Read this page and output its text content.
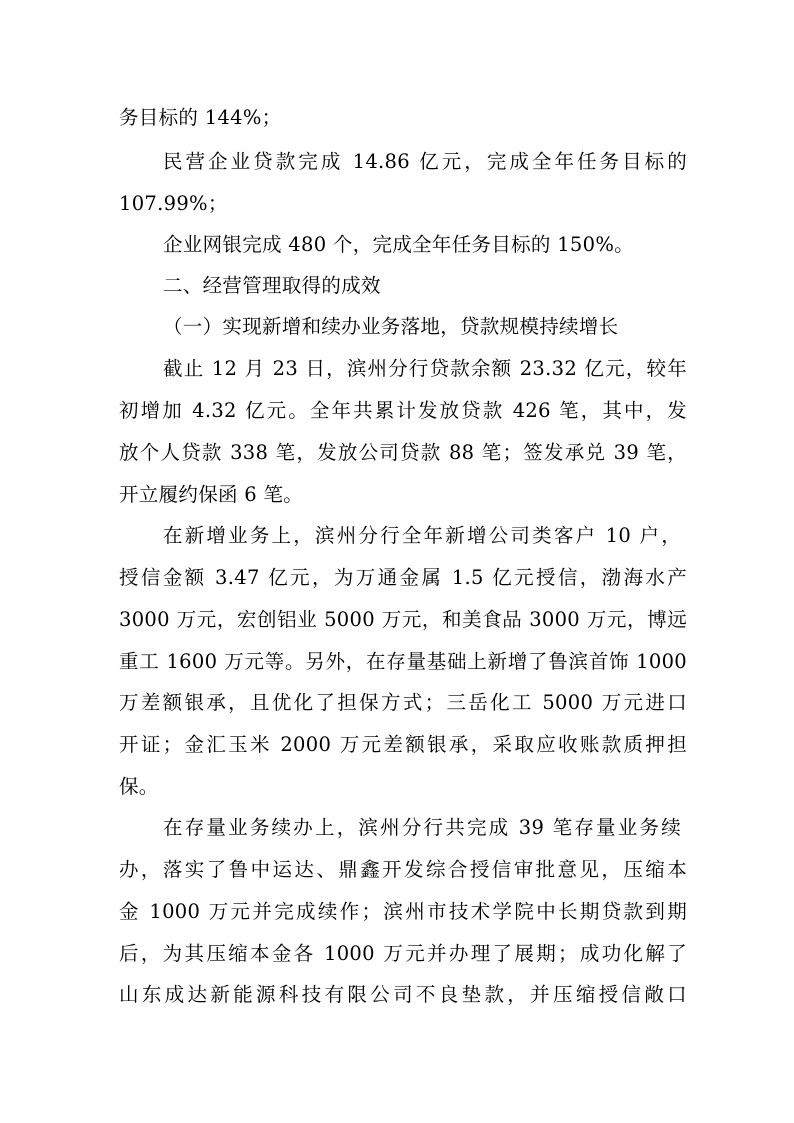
务目标的 144%；
民营企业贷款完成 14.86 亿元，完成全年任务目标的
107.99%；
企业网银完成 480 个，完成全年任务目标的 150%。
二、经营管理取得的成效
（一）实现新增和续办业务落地，贷款规模持续增长
截止 12 月 23 日，滨州分行贷款余额 23.32 亿元，较年
初增加 4.32 亿元。全年共累计发放贷款 426 笔，其中，发
放个人贷款 338 笔，发放公司贷款 88 笔；签发承兑 39 笔，
开立履约保函 6 笔。
在新增业务上，滨州分行全年新增公司类客户 10 户，
授信金额 3.47 亿元，为万通金属 1.5 亿元授信，渤海水产
3000 万元，宏创铝业 5000 万元，和美食品 3000 万元，博远
重工 1600 万元等。另外，在存量基础上新增了鲁滨首饰 1000
万差额银承，且优化了担保方式；三岳化工 5000 万元进口
开证；金汇玉米 2000 万元差额银承，采取应收账款质押担
保。
在存量业务续办上，滨州分行共完成 39 笔存量业务续
办，落实了鲁中运达、鼎鑫开发综合授信审批意见，压缩本
金 1000 万元并完成续作；滨州市技术学院中长期贷款到期
后，为其压缩本金各 1000 万元并办理了展期；成功化解了
山东成达新能源科技有限公司不良垫款，并压缩授信敞口
